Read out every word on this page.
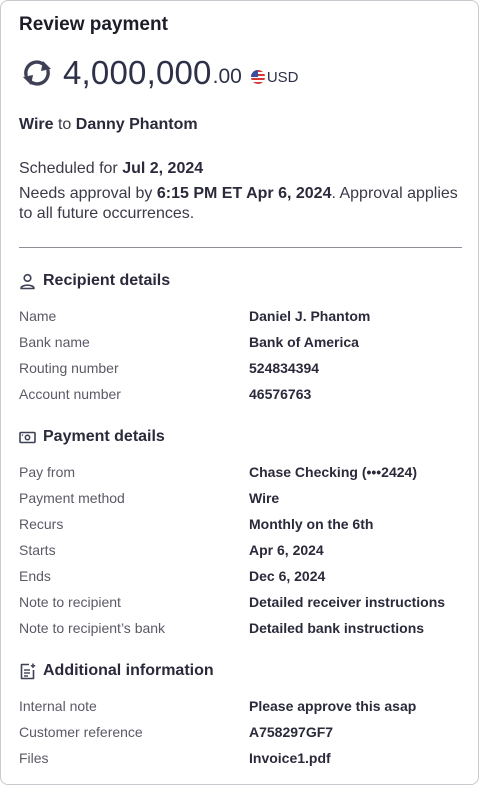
Review payment
4,000,000 .00 USD
Wire to Danny Phantom
Scheduled for Jul 2, 2024
Needs approval by 6:15 PM ET Apr 6, 2024. Approval applies to all future occurrences.
Recipient details
Name	Daniel J. Phantom
Bank name	Bank of America
Routing number	524834394
Account number	46576763
Payment details
Pay from	Chase Checking (•••2424)
Payment method	Wire
Recurs	Monthly on the 6th
Starts	Apr 6, 2024
Ends	Dec 6, 2024
Note to recipient	Detailed receiver instructions
Note to recipient’s bank	Detailed bank instructions
Additional information
Internal note	Please approve this asap
Customer reference	A758297GF7
Files	Invoice1.pdf
